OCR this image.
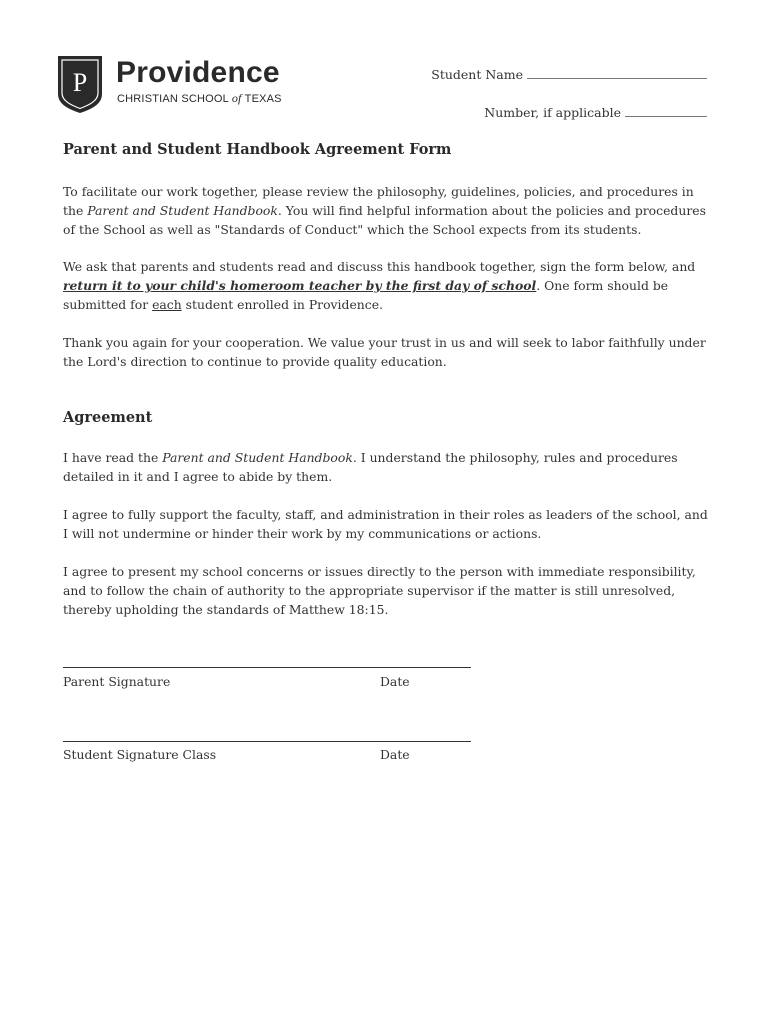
P Providence
CHRISTIAN SCHOOL of TEXAS
Student Name
Number, if applicable
Parent and Student Handbook Agreement Form

To facilitate our work together, please review the philosophy, guidelines, policies, and procedures in the Parent and Student Handbook. You will find helpful information about the policies and procedures of the School as well as "Standards of Conduct" which the School expects from its students.

We ask that parents and students read and discuss this handbook together, sign the form below, and return it to your child's homeroom teacher by the first day of school. One form should be submitted for each student enrolled in Providence.

Thank you again for your cooperation. We value your trust in us and will seek to labor faithfully under the Lord's direction to continue to provide quality education.

Agreement

I have read the Parent and Student Handbook. I understand the philosophy, rules and procedures detailed in it and I agree to abide by them.

I agree to fully support the faculty, staff, and administration in their roles as leaders of the school, and I will not undermine or hinder their work by my communications or actions.

I agree to present my school concerns or issues directly to the person with immediate responsibility, and to follow the chain of authority to the appropriate supervisor if the matter is still unresolved, thereby upholding the standards of Matthew 18:15.

Parent Signature	Date
Student Signature Class	Date
